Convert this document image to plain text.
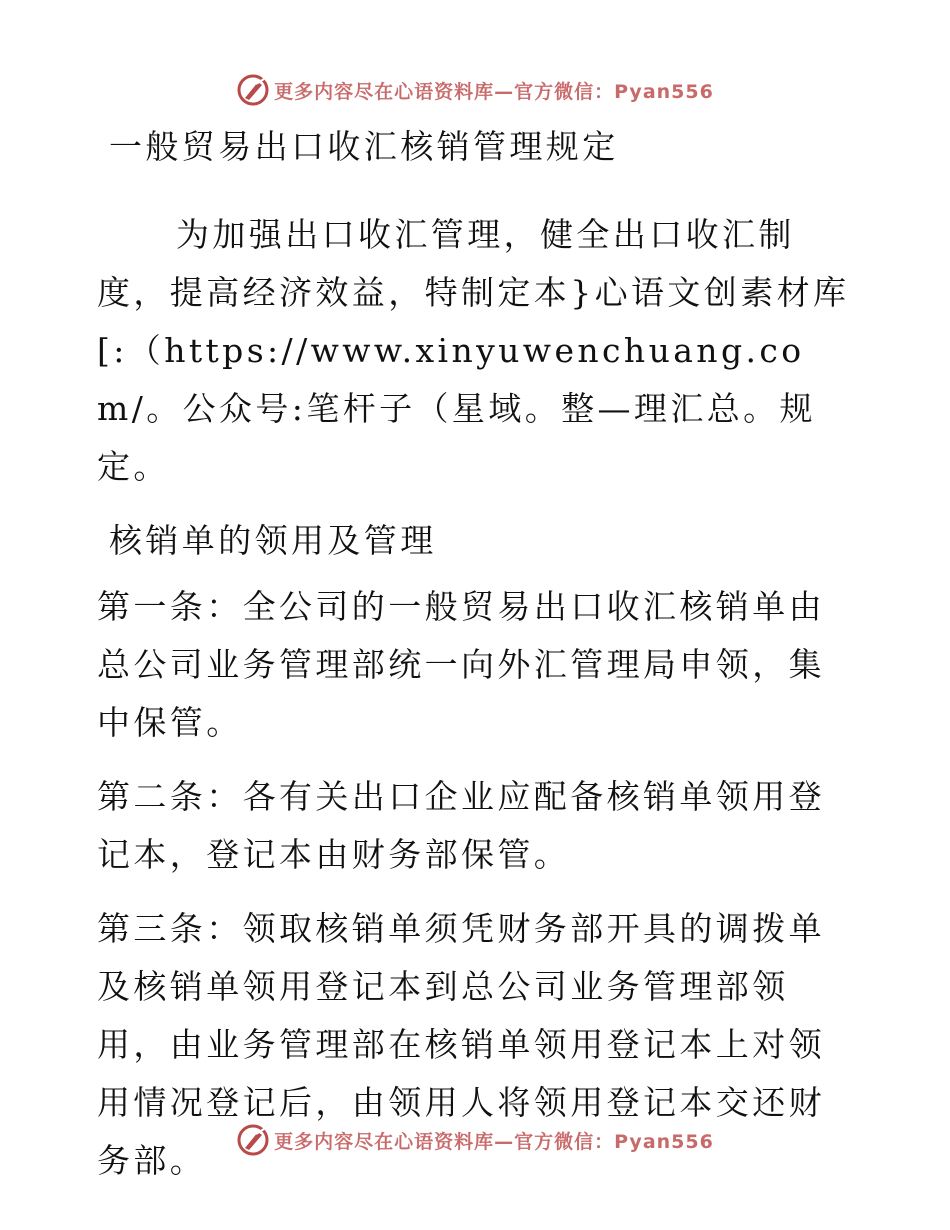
更多内容尽在心语资料库—官方微信：Pyan556

一般贸易出口收汇核销管理规定

为加强出口收汇管理，健全出口收汇制度，提高经济效益，特制定本}心语文创素材库[:（https://www.xinyuwenchuang.com/。公众号:笔杆子（星域。整—理汇总。规定。

核销单的领用及管理

第一条：全公司的一般贸易出口收汇核销单由总公司业务管理部统一向外汇管理局申领，集中保管。

第二条：各有关出口企业应配备核销单领用登记本，登记本由财务部保管。

第三条：领取核销单须凭财务部开具的调拨单及核销单领用登记本到总公司业务管理部领用，由业务管理部在核销单领用登记本上对领用情况登记后，由领用人将领用登记本交还财务部。	更多内容尽在心语资料库—官方微信：Pyan556
